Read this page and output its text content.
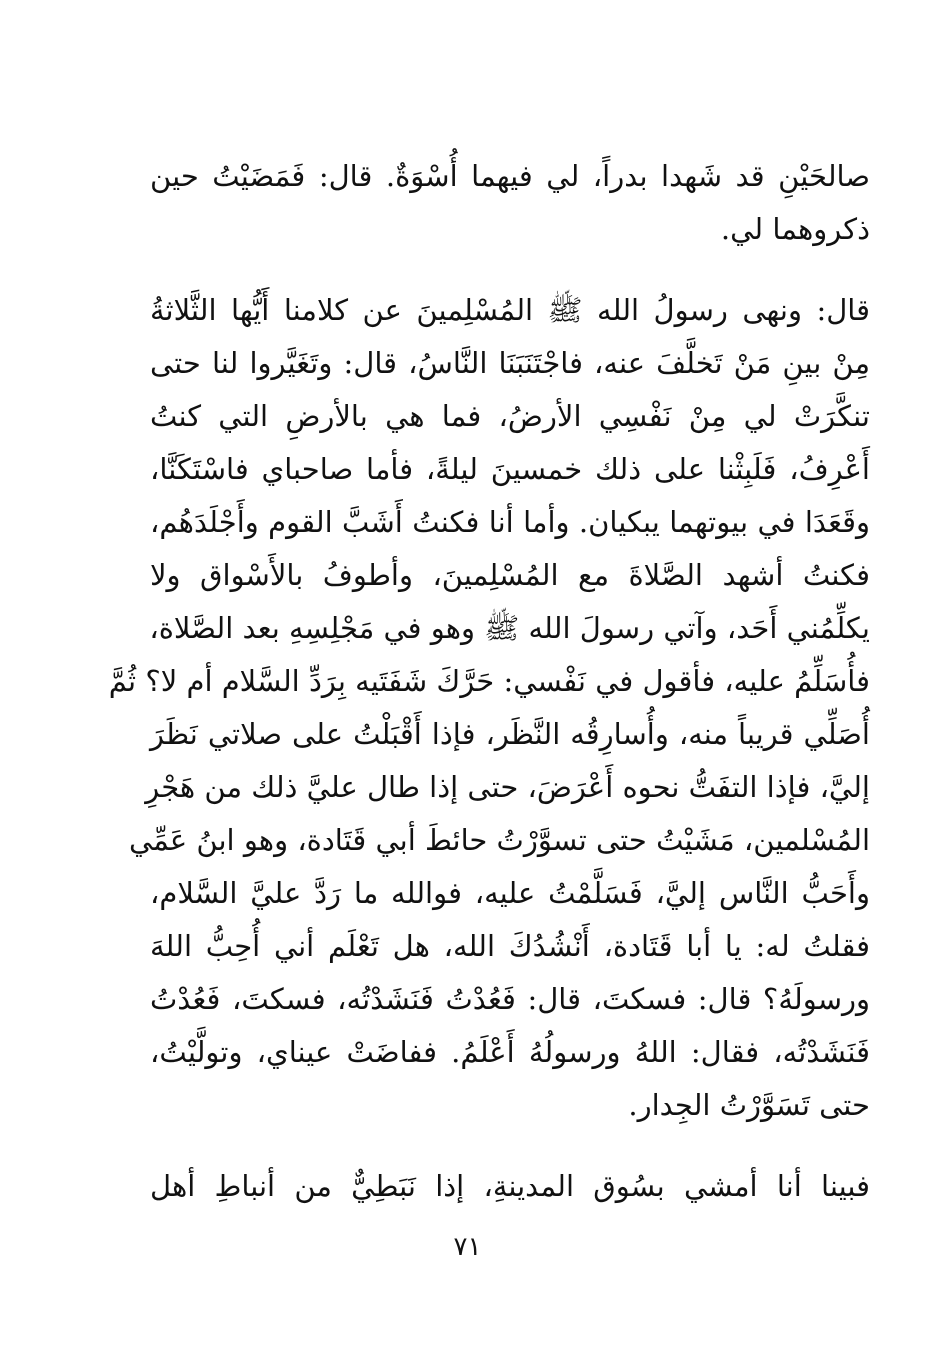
صالحَيْنِ قد شَهدا بدراً، لي فيهما أُسْوَةٌ. قال: فَمَضَيْتُ حين
ذكروهما لي.
قال: ونهى رسولُ الله ﷺ المُسْلِمينَ عن كلامنا أَيُّها الثَّلاثةُ
مِنْ بينِ مَنْ تَخلَّفَ عنه، فاجْتَنَبَنَا النَّاسُ، قال: وتَغَيَّروا لنا حتى
تنكَّرَتْ لي مِنْ نَفْسِي الأرضُ، فما هي بالأرضِ التي كنتُ
أَعْرِفُ، فَلَبِثْنا على ذلك خمسينَ ليلةً، فأما صاحباي فاسْتَكَنَّا،
وقَعَدَا في بيوتهما يبكيان. وأما أنا فكنتُ أَشَبَّ القوم وأَجْلَدَهُم،
فكنتُ أشهد الصَّلاةَ مع المُسْلِمينَ، وأطوفُ بالأَسْواق ولا
يكلِّمُني أَحَد، وآتي رسولَ الله ﷺ وهو في مَجْلِسِهِ بعد الصَّلاة،
فأُسَلِّمُ عليه، فأقول في نَفْسي: حَرَّكَ شَفَتَيه بِرَدِّ السَّلام أم لا؟ ثُمَّ
أُصَلِّي قريباً منه، وأُسارِقُه النَّظَر، فإذا أَقْبَلْتُ على صلاتي نَظَرَ
إليَّ، فإذا التفَتُّ نحوه أَعْرَضَ، حتى إذا طال عليَّ ذلك من هَجْرِ
المُسْلمين، مَشَيْتُ حتى تسوَّرْتُ حائطَ أبي قَتَادة، وهو ابنُ عَمِّي
وأَحَبُّ النَّاس إليَّ، فَسَلَّمْتُ عليه، فوالله ما رَدَّ عليَّ السَّلام،
فقلتُ له: يا أبا قَتَادة، أَنْشُدُكَ الله، هل تَعْلَم أني أُحِبُّ اللهَ
ورسولَهُ؟ قال: فسكتَ، قال: فَعُدْتُ فَنَشَدْتُه، فسكتَ، فَعُدْتُ
فَنَشَدْتُه، فقال: اللهُ ورسولُهُ أَعْلَمُ. ففاضَتْ عيناي، وتولَّيْتُ،
حتى تَسَوَّرْتُ الجِدار.
فبينا أنا أمشي بسُوق المدينةِ، إذا نَبَطِيٌّ من أنباطِ أهل
٧١
